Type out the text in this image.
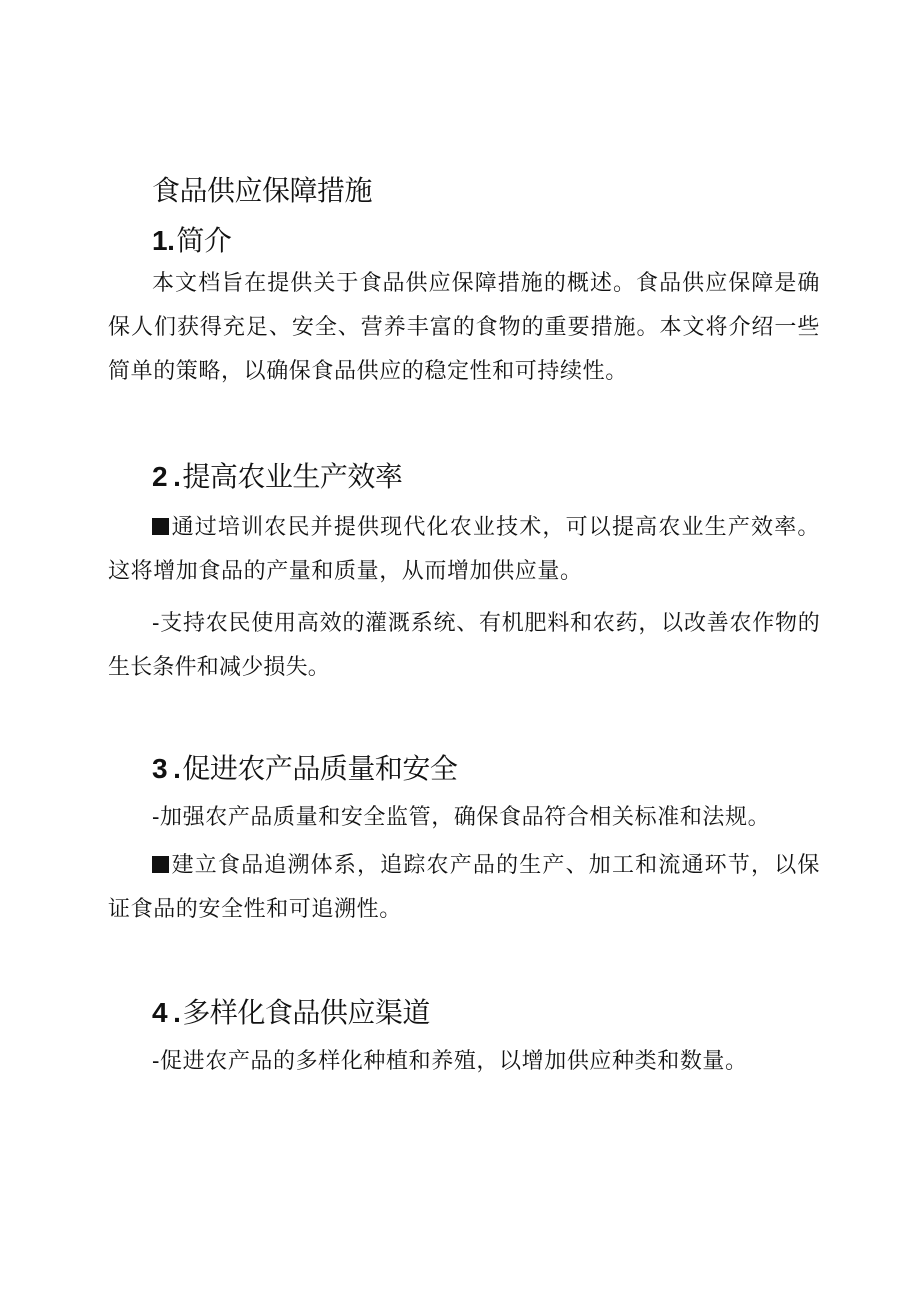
食品供应保障措施
1.简介

本文档旨在提供关于食品供应保障措施的概述。食品供应保障是确保人们获得充足、安全、营养丰富的食物的重要措施。本文将介绍一些简单的策略，以确保食品供应的稳定性和可持续性。

2 .提高农业生产效率

通过培训农民并提供现代化农业技术，可以提高农业生产效率。这将增加食品的产量和质量，从而增加供应量。

-支持农民使用高效的灌溉系统、有机肥料和农药，以改善农作物的生长条件和减少损失。

3 .促进农产品质量和安全

-加强农产品质量和安全监管，确保食品符合相关标准和法规。

建立食品追溯体系，追踪农产品的生产、加工和流通环节，以保证食品的安全性和可追溯性。

4 .多样化食品供应渠道

-促进农产品的多样化种植和养殖，以增加供应种类和数量。
